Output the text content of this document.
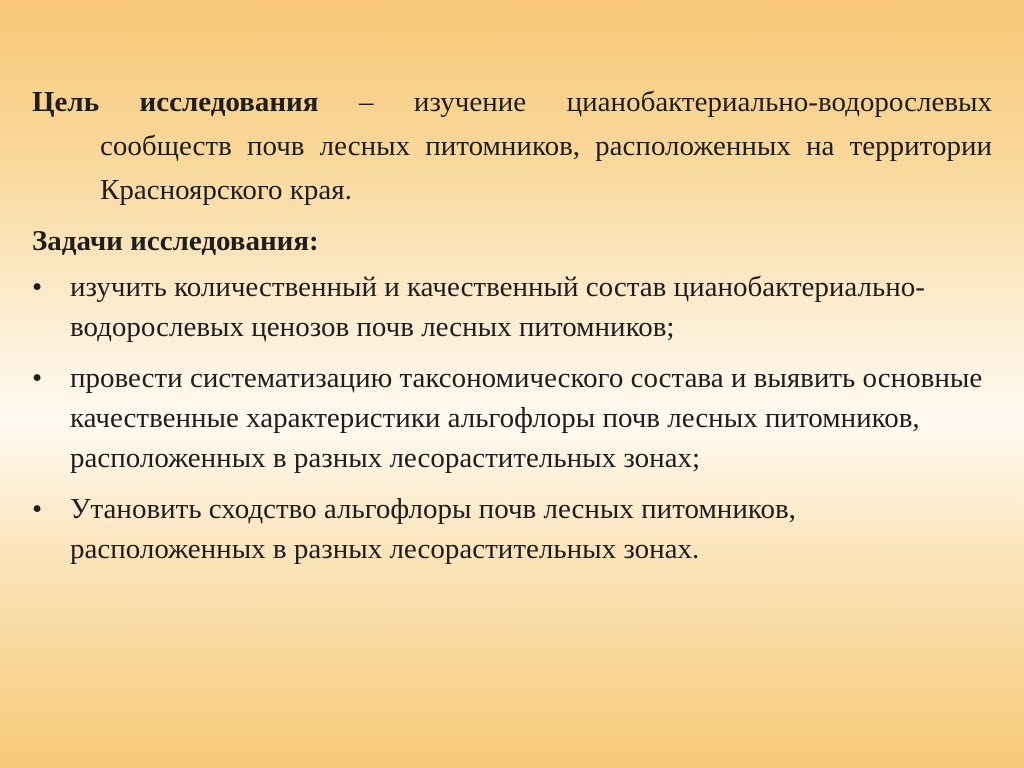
Цель исследования – изучение цианобактериально-водорослевых сообществ почв лесных питомников, расположенных на территории Красноярского края.

Задачи исследования:
• изучить количественный и качественный состав цианобактериально-водорослевых ценозов почв лесных питомников;
• провести систематизацию таксономического состава и выявить основные качественные характеристики альгофлоры почв лесных питомников, расположенных в разных лесорастительных зонах;
• Утановить сходство альгофлоры почв лесных питомников, расположенных в разных лесорастительных зонах.
